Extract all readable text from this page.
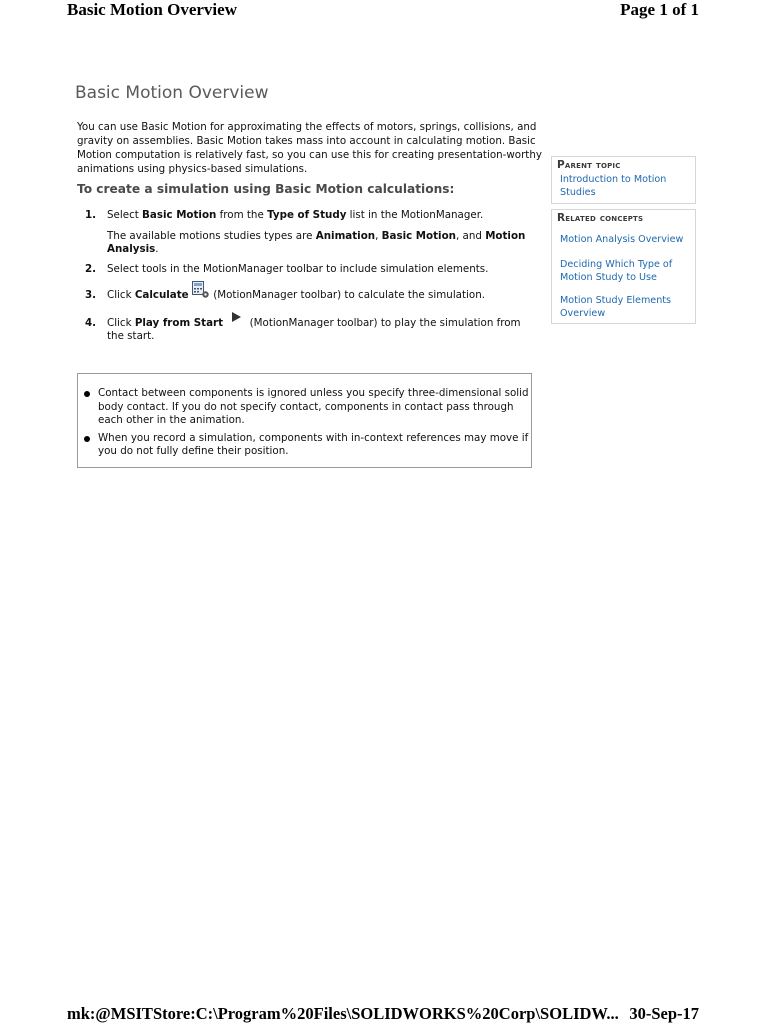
Basic Motion Overview	Page 1 of 1
Basic Motion Overview

You can use Basic Motion for approximating the effects of motors, springs, collisions, and gravity on assemblies. Basic Motion takes mass into account in calculating motion. Basic Motion computation is relatively fast, so you can use this for creating presentation-worthy animations using physics-based simulations.

To create a simulation using Basic Motion calculations:
1. Select Basic Motion from the Type of Study list in the MotionManager.
The available motions studies types are Animation, Basic Motion, and Motion Analysis.
2. Select tools in the MotionManager toolbar to include simulation elements.
3. Click Calculate  (MotionManager toolbar) to calculate the simulation.
4. Click Play from Start  (MotionManager toolbar) to play the simulation from the start.
Contact between components is ignored unless you specify three-dimensional solid body contact. If you do not specify contact, components in contact pass through each other in the animation.
When you record a simulation, components with in-context references may move if you do not fully define their position.
Parent topic
Introduction to Motion Studies
Related concepts
Motion Analysis Overview
Deciding Which Type of Motion Study to Use
Motion Study Elements Overview
mk:@MSITStore:C:\Program%20Files\SOLIDWORKS%20Corp\SOLIDW... 30-Sep-17
